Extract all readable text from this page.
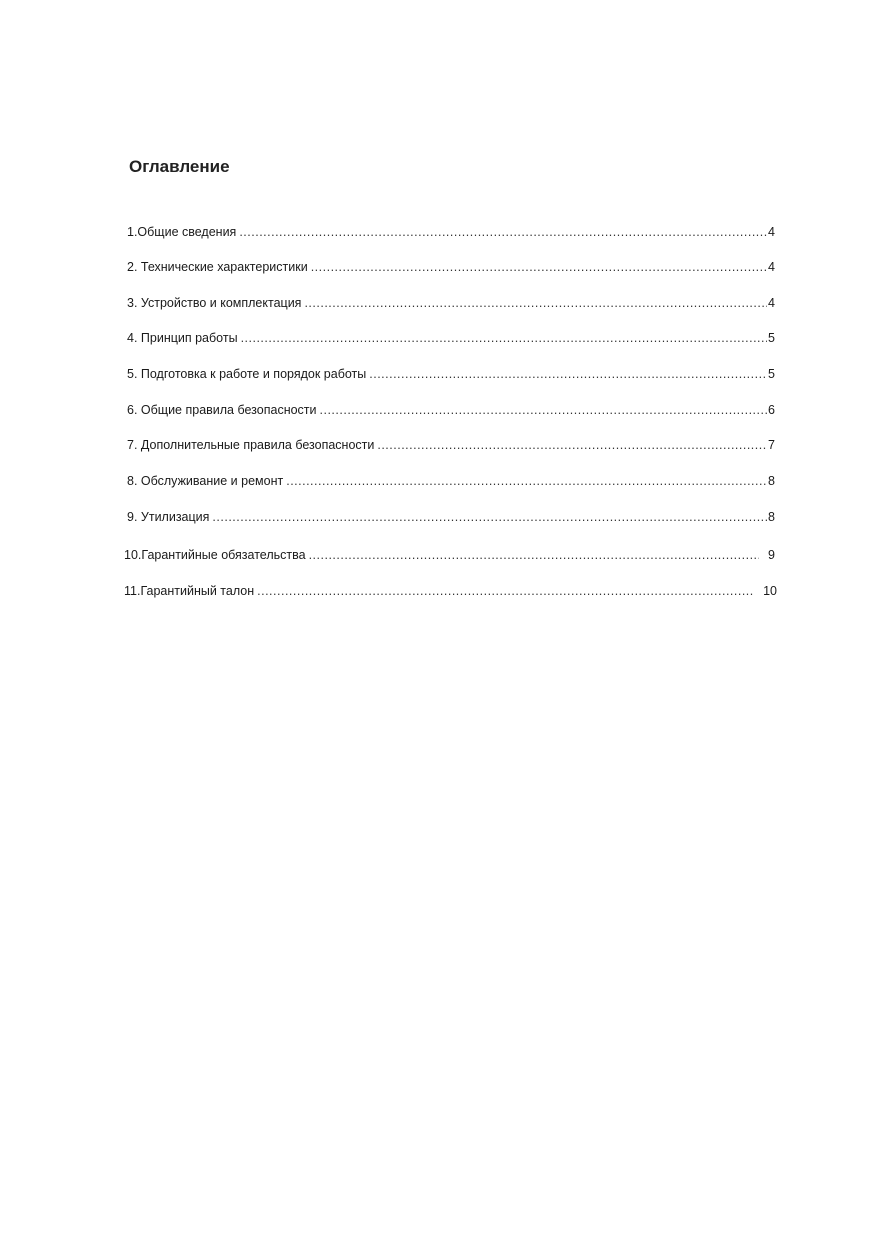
Оглавление
1.Общие сведения .....	4
2. Технические характеристики .....	4
3. Устройство и комплектация .....	4
4. Принцип работы .....	5
5. Подготовка к работе и порядок работы .....	5
6. Общие правила безопасности .....	6
7. Дополнительные правила безопасности .....	7
8. Обслуживание и ремонт .....	8
9. Утилизация .....	8
10.Гарантийные обязательства .....	9
11.Гарантийный талон .....	10
